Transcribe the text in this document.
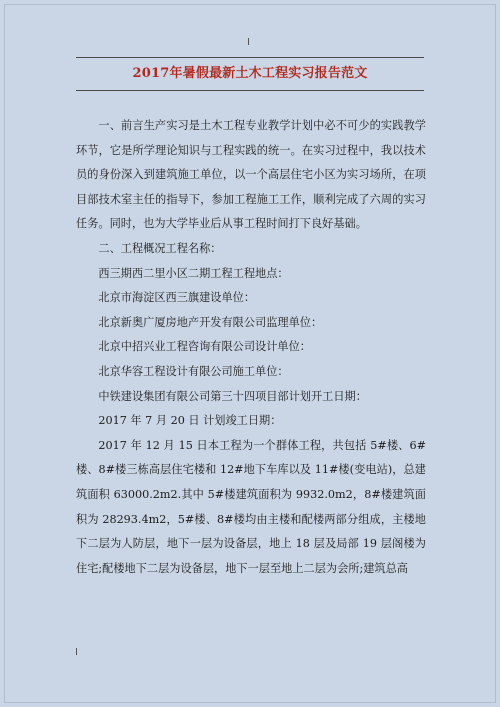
2017年暑假最新土木工程实习报告范文

一、前言生产实习是土木工程专业教学计划中必不可少的实践教学环节，它是所学理论知识与工程实践的统一。在实习过程中，我以技术员的身份深入到建筑施工单位，以一个高层住宅小区为实习场所，在项目部技术室主任的指导下，参加工程施工工作，顺利完成了六周的实习任务。同时，也为大学毕业后从事工程时间打下良好基础。

二、工程概况工程名称：

西三期西二里小区二期工程工程地点：

北京市海淀区西三旗建设单位：

北京新奥广厦房地产开发有限公司监理单位：

北京中招兴业工程咨询有限公司设计单位：

北京华容工程设计有限公司施工单位：

中铁建设集团有限公司第三十四项目部计划开工日期：

2017 年 7 月 20 日 计划竣工日期：

2017 年 12 月 15 日本工程为一个群体工程，共包括 5#楼、6#楼、8#楼三栋高层住宅楼和 12#地下车库以及 11#楼(变电站)，总建筑面积 63000.2m2.其中 5#楼建筑面积为 9932.0m2，8#楼建筑面积为 28293.4m2，5#楼、8#楼均由主楼和配楼两部分组成，主楼地下二层为人防层，地下一层为设备层，地上 18 层及局部 19 层阁楼为住宅;配楼地下二层为设备层，地下一层至地上二层为会所;建筑总高
